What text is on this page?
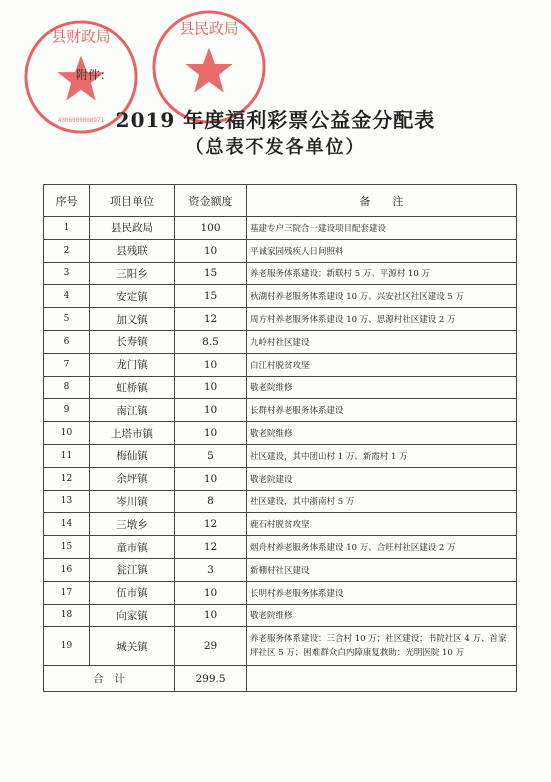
县财政局
4306000008971
县民政局
附件：
2019 年度福利彩票公益金分配表
（总表不发各单位）
序号	项目单位	资金额度	备　　注
1	县民政局	100	基建专户三院合一建设项目配套建设
2	县残联	10	平诚家园残疾人日间照料
3	三阳乡	15	养老服务体系建设：新联村 5 万、平源村 10 万
4	安定镇	15	秋湖村养老服务体系建设 10 万、兴安社区社区建设 5 万
5	加义镇	12	周方村养老服务体系建设 10 万、思源村社区建设 2 万
6	长寿镇	8.5	九岭村社区建设
7	龙门镇	10	白江村脱贫攻坚
8	虹桥镇	10	敬老院维修
9	南江镇	10	长群村养老服务体系建设
10	上塔市镇	10	敬老院维修
11	梅仙镇	5	社区建设，其中团山村 1 万、新霞村 1 万
12	余坪镇	10	敬老院建设
13	岑川镇	8	社区建设，其中浙南村 5 万
14	三墩乡	12	鹿石村脱贫攻坚
15	童市镇	12	烟舟村养老服务体系建设 10 万、合旺村社区建设 2 万
16	瓮江镇	3	新棚村社区建设
17	伍市镇	10	长明村养老服务体系建设
18	向家镇	10	敬老院维修
19	城关镇	29	养老服务体系建设：三合村 10 万；社区建设：书院社区 4 万、首家坪社区 5 万；困难群众白内障康复救助：光明医院 10 万
合　计		299.5	
